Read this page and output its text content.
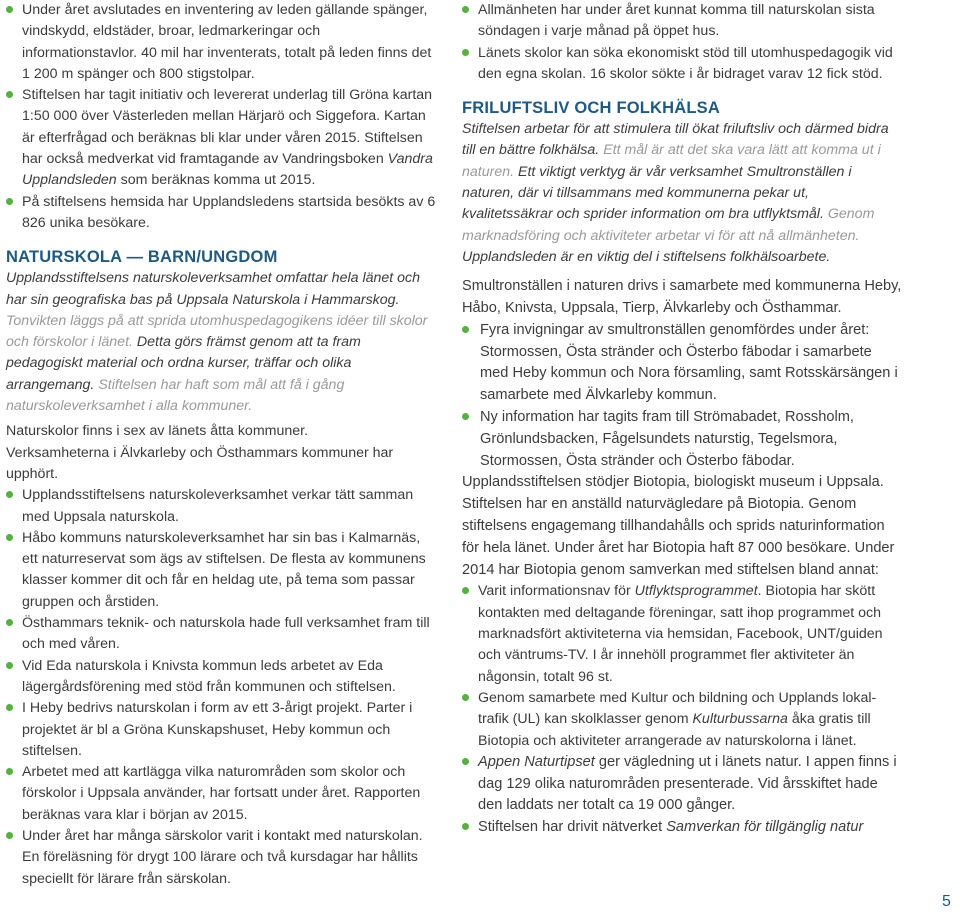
Under året avslutades en inventering av leden gällande spänger, vindskydd, eldstäder, broar, ledmarkeringar och informationstavlor. 40 mil har inventerats, totalt på leden finns det 1 200 m spänger och 800 stigstolpar.
Stiftelsen har tagit initiativ och levererat underlag till Gröna kartan 1:50 000 över Västerleden mellan Härjarö och Siggefora. Kartan är efterfrågad och beräknas bli klar under våren 2015. Stiftelsen har också medverkat vid framtagande av Vandringsboken Vandra Upplandsleden som beräknas komma ut 2015.
På stiftelsens hemsida har Upplandsledens startsida besökts av 6 826 unika besökare.
NATURSKOLA — BARN/UNGDOM

Upplandsstiftelsens naturskoleverksamhet omfattar hela länet och har sin geografiska bas på Uppsala Naturskola i Hammarskog. Tonvikten läggs på att sprida utomhuspedagogikens idéer till skolor och förskolor i länet. Detta görs främst genom att ta fram pedagogiskt material och ordna kurser, träffar och olika arrangemang. Stiftelsen har haft som mål att få i gång naturskoleverksamhet i alla kommuner.

Naturskolor finns i sex av länets åtta kommuner.

Verksamheterna i Älvkarleby och Östhammars kommuner har upphört.

Upplandsstiftelsens naturskoleverksamhet verkar tätt samman med Uppsala naturskola.
Håbo kommuns naturskoleverksamhet har sin bas i Kalmarnäs, ett naturreservat som ägs av stiftelsen. De flesta av kommunens klasser kommer dit och får en heldag ute, på tema som passar gruppen och årstiden.
Östhammars teknik- och naturskola hade full verksamhet fram till och med våren.
Vid Eda naturskola i Knivsta kommun leds arbetet av Eda lägergårdsförening med stöd från kommunen och stiftelsen.
I Heby bedrivs naturskolan i form av ett 3-årigt projekt. Parter i projektet är bl a Gröna Kunskapshuset, Heby kommun och stiftelsen.
Arbetet med att kartlägga vilka naturområden som skolor och förskolor i Uppsala använder, har fortsatt under året. Rapporten beräknas vara klar i början av 2015.
Under året har många särskolor varit i kontakt med naturskolan. En föreläsning för drygt 100 lärare och två kursdagar har hållits speciellt för lärare från särskolan.
Allmänheten har under året kunnat komma till naturskolan sista söndagen i varje månad på öppet hus.
Länets skolor kan söka ekonomiskt stöd till utomhuspedagogik vid den egna skolan. 16 skolor sökte i år bidraget varav 12 fick stöd.
FRILUFTSLIV OCH FOLKHÄLSA

Stiftelsen arbetar för att stimulera till ökat friluftsliv och därmed bidra till en bättre folkhälsa. Ett mål är att det ska vara lätt att komma ut i naturen. Ett viktigt verktyg är vår verksamhet Smultronställen i naturen, där vi tillsammans med kommunerna pekar ut, kvalitetssäkrar och sprider information om bra utflyktsmål. Genom marknadsföring och aktiviteter arbetar vi för att nå allmänheten. Upplandsleden är en viktig del i stiftelsens folkhälsoarbete.

Smultronställen i naturen drivs i samarbete med kommunerna Heby, Håbo, Knivsta, Uppsala, Tierp, Älvkarleby och Östhammar.

Fyra invigningar av smultronställen genomfördes under året: Stormossen, Östa stränder och Österbo fäbodar i samarbete med Heby kommun och Nora församling, samt Rotsskärsängen i samarbete med Älvkarleby kommun.
Ny information har tagits fram till Strömabadet, Rossholm, Grönlundsbacken, Fågelsundets naturstig, Tegelsmora, Stormossen, Östa stränder och Österbo fäbodar.

Upplandsstiftelsen stödjer Biotopia, biologiskt museum i Uppsala. Stiftelsen har en anställd naturvägledare på Biotopia. Genom stiftelsens engagemang tillhandahålls och sprids naturinformation för hela länet. Under året har Biotopia haft 87 000 besökare. Under 2014 har Biotopia genom samverkan med stiftelsen bland annat:

Varit informationsnav för Utflyktsprogrammet. Biotopia har skött kontakten med deltagande föreningar, satt ihop programmet och marknadsfört aktiviteterna via hemsidan, Facebook, UNT/guiden och väntrums-TV. I år innehöll programmet fler aktiviteter än någonsin, totalt 96 st.
Genom samarbete med Kultur och bildning och Upplands lokaltrafik (UL) kan skolklasser genom Kulturbussarna åka gratis till Biotopia och aktiviteter arrangerade av naturskolorna i länet.
Appen Naturtipset ger vägledning ut i länets natur. I appen finns i dag 129 olika naturområden presenterade. Vid årsskiftet hade den laddats ner totalt ca 19 000 gånger.
Stiftelsen har drivit nätverket Samverkan för tillgänglig natur
5
